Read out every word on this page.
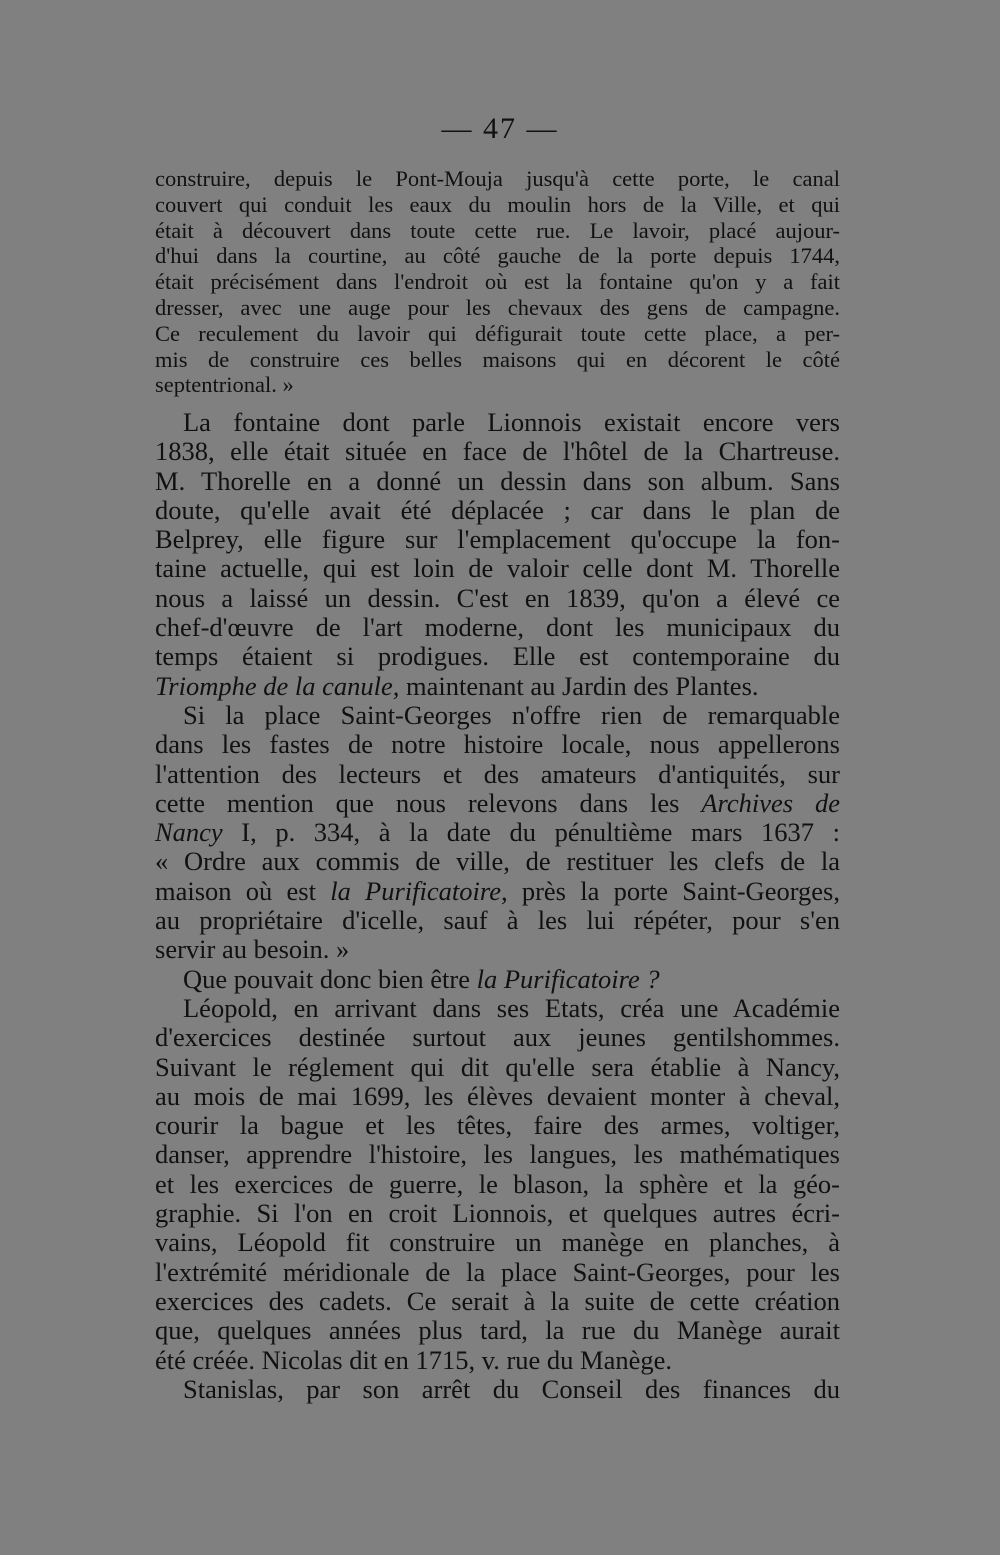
— 47 —
construire, depuis le Pont-Mouja jusqu'à cette porte, le canal
couvert qui conduit les eaux du moulin hors de la Ville, et qui
était à découvert dans toute cette rue. Le lavoir, placé aujour-
d'hui dans la courtine, au côté gauche de la porte depuis 1744,
était précisément dans l'endroit où est la fontaine qu'on y a fait
dresser, avec une auge pour les chevaux des gens de campagne.
Ce reculement du lavoir qui défigurait toute cette place, a per-
mis de construire ces belles maisons qui en décorent le côté
septentrional. »
La fontaine dont parle Lionnois existait encore vers
1838, elle était située en face de l'hôtel de la Chartreuse.
M. Thorelle en a donné un dessin dans son album. Sans
doute, qu'elle avait été déplacée ; car dans le plan de
Belprey, elle figure sur l'emplacement qu'occupe la fon-
taine actuelle, qui est loin de valoir celle dont M. Thorelle
nous a laissé un dessin. C'est en 1839, qu'on a élevé ce
chef-d'œuvre de l'art moderne, dont les municipaux du
temps étaient si prodigues. Elle est contemporaine du
Triomphe de la canule, maintenant au Jardin des Plantes.
Si la place Saint-Georges n'offre rien de remarquable
dans les fastes de notre histoire locale, nous appellerons
l'attention des lecteurs et des amateurs d'antiquités, sur
cette mention que nous relevons dans les Archives de
Nancy I, p. 334, à la date du pénultième mars 1637 :
« Ordre aux commis de ville, de restituer les clefs de la
maison où est la Purificatoire, près la porte Saint-Georges,
au propriétaire d'icelle, sauf à les lui répéter, pour s'en
servir au besoin. »
Que pouvait donc bien être la Purificatoire ?
Léopold, en arrivant dans ses Etats, créa une Académie
d'exercices destinée surtout aux jeunes gentilshommes.
Suivant le réglement qui dit qu'elle sera établie à Nancy,
au mois de mai 1699, les élèves devaient monter à cheval,
courir la bague et les têtes, faire des armes, voltiger,
danser, apprendre l'histoire, les langues, les mathématiques
et les exercices de guerre, le blason, la sphère et la géo-
graphie. Si l'on en croit Lionnois, et quelques autres écri-
vains, Léopold fit construire un manège en planches, à
l'extrémité méridionale de la place Saint-Georges, pour les
exercices des cadets. Ce serait à la suite de cette création
que, quelques années plus tard, la rue du Manège aurait
été créée. Nicolas dit en 1715, v. rue du Manège.
Stanislas, par son arrêt du Conseil des finances du
